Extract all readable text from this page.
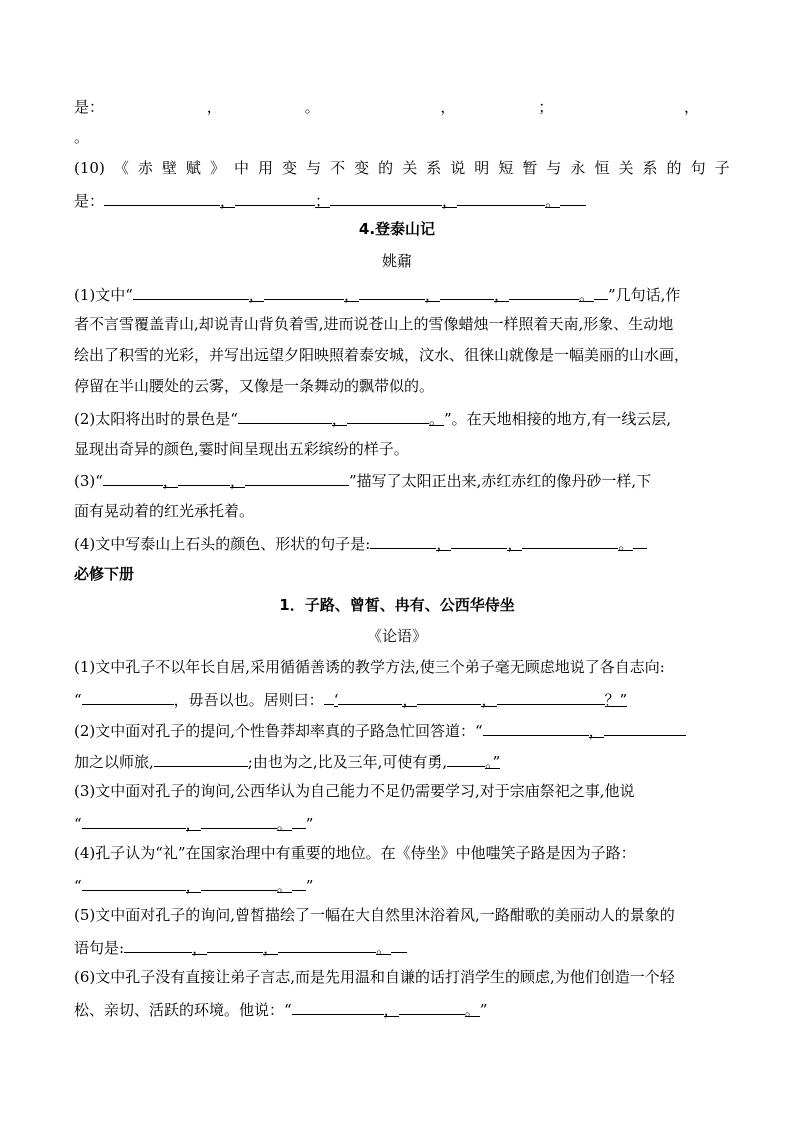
是：	，	。	，	；	，
。
(10) 《 赤 壁 赋 》 中 用 变 与 不 变 的 关 系 说 明 短 暂 与 永 恒 关 系 的 句 子
是：	，	；	，	。
4.登泰山记
姚鼐
(1)文中“	，	，	，	，	。 ”几句话,作
者不言雪覆盖青山,却说青山背负着雪,进而说苍山上的雪像蜡烛一样照着天南,形象、生动地
绘出了积雪的光彩，并写出远望夕阳映照着泰安城，汶水、徂徕山就像是一幅美丽的山水画，
停留在半山腰处的云雾，又像是一条舞动的飘带似的。
(2)太阳将出时的景色是“	，	。”。在天地相接的地方,有一线云层,
显现出奇异的颜色,霎时间呈现出五彩缤纷的样子。
(3)“	，	，	”描写了太阳正出来,赤红赤红的像丹砂一样,下
面有晃动着的红光承托着。
(4)文中写泰山上石头的颜色、形状的句子是:	，	，	。
必修下册
1．子路、曾皙、冉有、公西华侍坐
《论语》
(1)文中孔子不以年长自居,采用循循善诱的教学方法,使三个弟子毫无顾虑地说了各自志向:
“	，毋吾以也。居则曰： ‘	，	，	？”
(2)文中面对孔子的提问,个性鲁莽却率真的子路急忙回答道：“	，
加之以师旅,	;由也为之,比及三年,可使有勇,	。”
(3)文中面对孔子的询问,公西华认为自己能力不足仍需要学习,对于宗庙祭祀之事,他说
“	，	。 ”
(4)孔子认为“礼”在国家治理中有重要的地位。在《侍坐》中他嗤笑子路是因为子路：
“	，	。 ”
(5)文中面对孔子的询问,曾皙描绘了一幅在大自然里沐浴着风,一路酣歌的美丽动人的景象的
语句是:	，	，	。
(6)文中孔子没有直接让弟子言志,而是先用温和自谦的话打消学生的顾虑,为他们创造一个轻
松、亲切、活跃的环境。他说：“	，	。”
